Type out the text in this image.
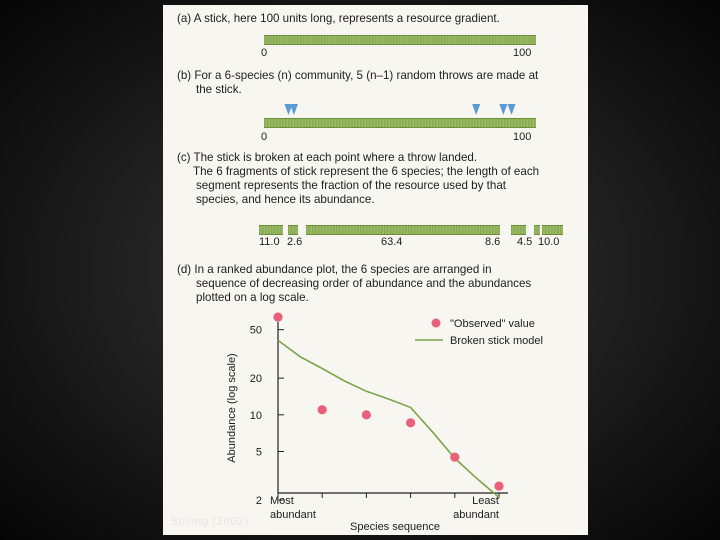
(a) A stick, here 100 units long, represents a resource gradient.
0	100
(b) For a 6-species (n) community, 5 (n–1) random throws are made at
the stick.
0	100
(c) The stick is broken at each point where a throw landed.
The 6 fragments of stick represent the 6 species; the length of each
segment represents the fraction of the resource used by that
species, and hence its abundance.
11.0 2.6	63.4	8.6 4.5 10.0
(d) In a ranked abundance plot, the 6 species are arranged in
sequence of decreasing order of abundance and the abundances
plotted on a log scale.
2
5
10
20
50
Most
abundant
Least
abundant
Species sequence
Abundance (log scale)
"Observed" value
Broken stick model
Stilling (2002)
